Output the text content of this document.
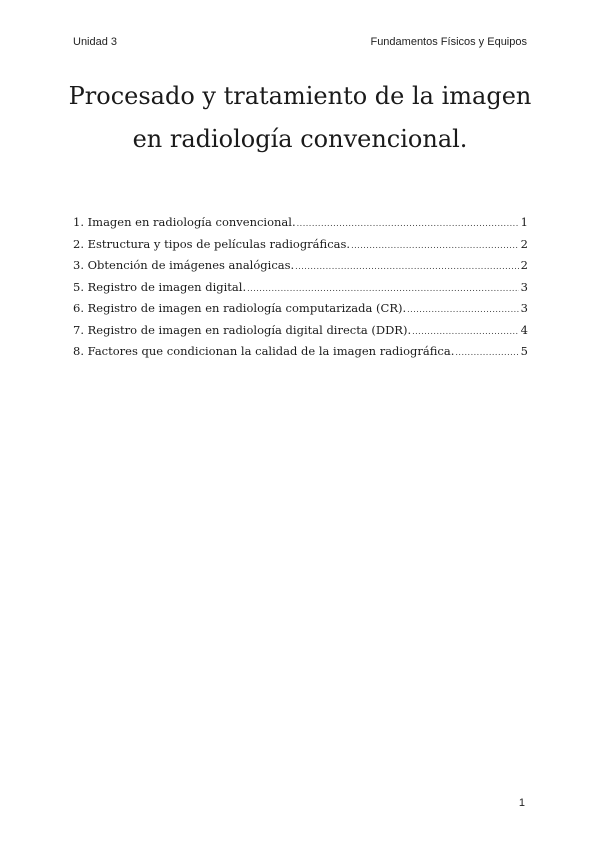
Unidad 3	Fundamentos Físicos y Equipos
Procesado y tratamiento de la imagen
en radiología convencional.
1. Imagen en radiología convencional. .....	1
2. Estructura y tipos de películas radiográficas. .....	2
3. Obtención de imágenes analógicas. .....	2
5. Registro de imagen digital. .....	3
6. Registro de imagen en radiología computarizada (CR). .....	3
7. Registro de imagen en radiología digital directa (DDR). .....	4
8. Factores que condicionan la calidad de la imagen radiográfica. .....	5
1
